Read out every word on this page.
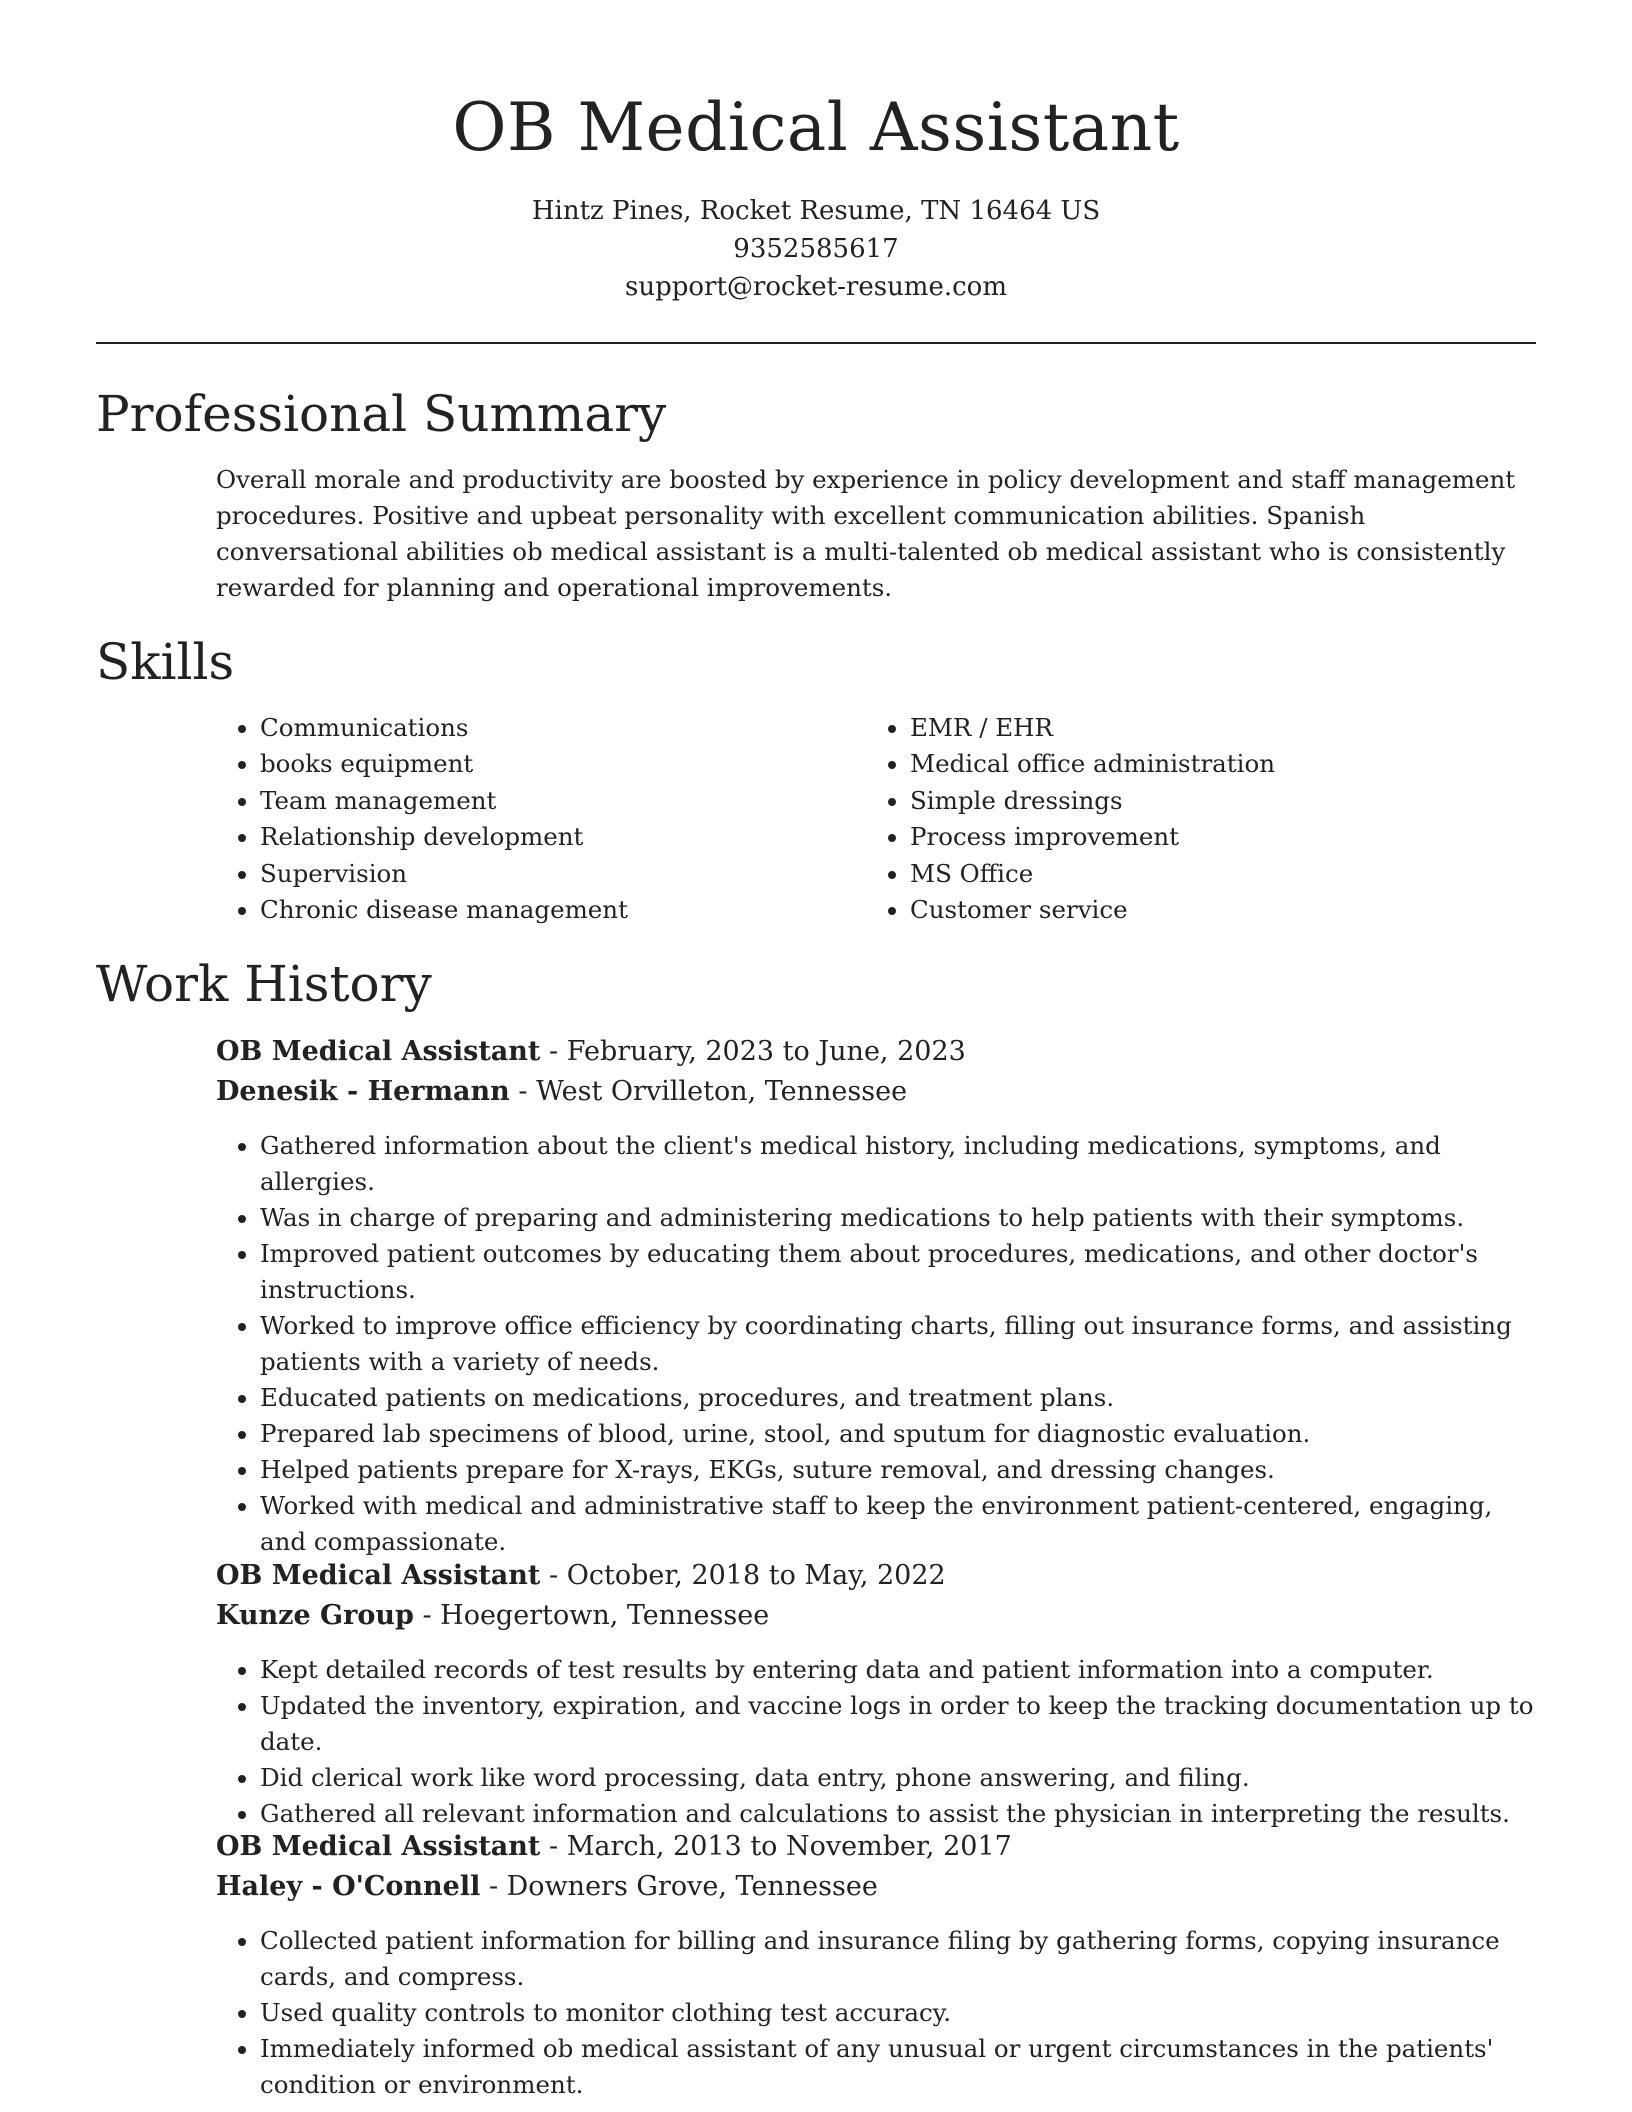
OB Medical Assistant
Hintz Pines, Rocket Resume, TN 16464 US
9352585617
support@rocket-resume.com
Professional Summary

Overall morale and productivity are boosted by experience in policy development and staff management procedures. Positive and upbeat personality with excellent communication abilities. Spanish conversational abilities ob medical assistant is a multi-talented ob medical assistant who is consistently rewarded for planning and operational improvements.

Skills
• Communications
• books equipment
• Team management
• Relationship development
• Supervision
• Chronic disease management
• EMR / EHR
• Medical office administration
• Simple dressings
• Process improvement
• MS Office
• Customer service
Work History
OB Medical Assistant - February, 2023 to June, 2023
Denesik - Hermann - West Orvilleton, Tennessee
• Gathered information about the client's medical history, including medications, symptoms, and allergies.
• Was in charge of preparing and administering medications to help patients with their symptoms.
• Improved patient outcomes by educating them about procedures, medications, and other doctor's instructions.
• Worked to improve office efficiency by coordinating charts, filling out insurance forms, and assisting patients with a variety of needs.
• Educated patients on medications, procedures, and treatment plans.
• Prepared lab specimens of blood, urine, stool, and sputum for diagnostic evaluation.
• Helped patients prepare for X-rays, EKGs, suture removal, and dressing changes.
• Worked with medical and administrative staff to keep the environment patient-centered, engaging, and compassionate.
OB Medical Assistant - October, 2018 to May, 2022
Kunze Group - Hoegertown, Tennessee
• Kept detailed records of test results by entering data and patient information into a computer.
• Updated the inventory, expiration, and vaccine logs in order to keep the tracking documentation up to date.
• Did clerical work like word processing, data entry, phone answering, and filing.
• Gathered all relevant information and calculations to assist the physician in interpreting the results.
OB Medical Assistant - March, 2013 to November, 2017
Haley - O'Connell - Downers Grove, Tennessee
• Collected patient information for billing and insurance filing by gathering forms, copying insurance cards, and compress.
• Used quality controls to monitor clothing test accuracy.
• Immediately informed ob medical assistant of any unusual or urgent circumstances in the patients' condition or environment.
